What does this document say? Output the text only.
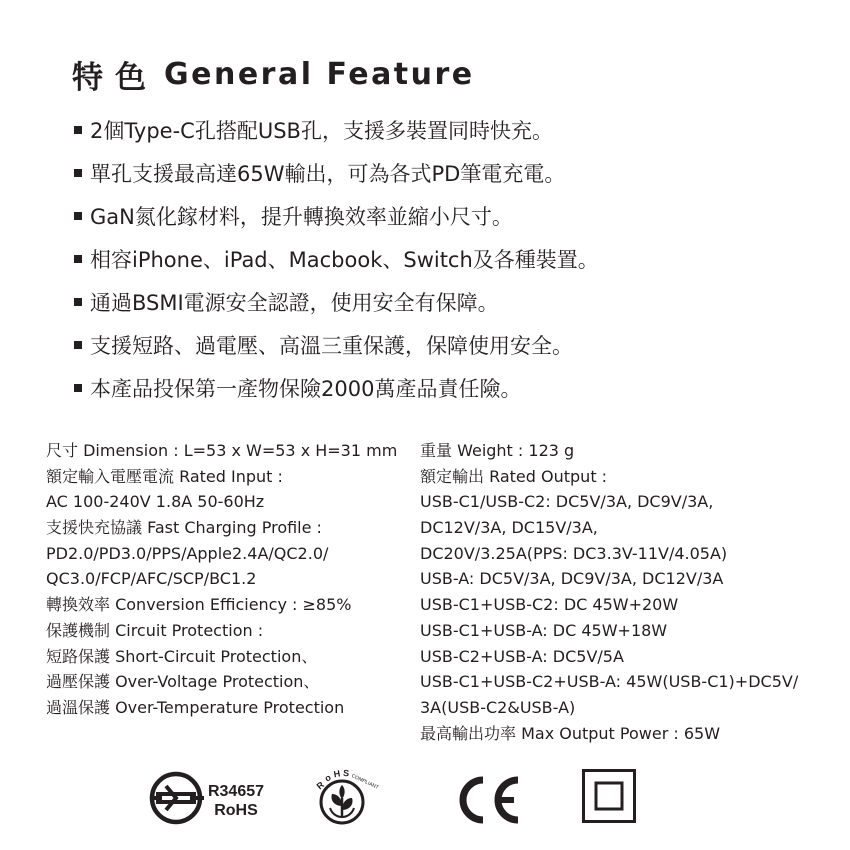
特色 General Feature
2個Type-C孔搭配USB孔，支援多裝置同時快充。
單孔支援最高達65W輸出，可為各式PD筆電充電。
GaN氮化鎵材料，提升轉換效率並縮小尺寸。
相容iPhone、iPad、Macbook、Switch及各種裝置。
通過BSMI電源安全認證，使用安全有保障。
支援短路、過電壓、高溫三重保護，保障使用安全。
本產品投保第一產物保險2000萬產品責任險。
尺寸 Dimension : L=53 x W=53 x H=31 mm
額定輸入電壓電流 Rated Input :
AC 100-240V 1.8A 50-60Hz
支援快充協議 Fast Charging Profile :
PD2.0/PD3.0/PPS/Apple2.4A/QC2.0/
QC3.0/FCP/AFC/SCP/BC1.2
轉換效率 Conversion Efficiency : ≥85%
保護機制 Circuit Protection :
短路保護 Short-Circuit Protection、
過壓保護 Over-Voltage Protection、
過溫保護 Over-Temperature Protection
重量 Weight : 123 g
額定輸出 Rated Output :
USB-C1/USB-C2: DC5V/3A, DC9V/3A,
DC12V/3A, DC15V/3A,
DC20V/3.25A(PPS: DC3.3V-11V/4.05A)
USB-A: DC5V/3A, DC9V/3A, DC12V/3A
USB-C1+USB-C2: DC 45W+20W
USB-C1+USB-A: DC 45W+18W
USB-C2+USB-A: DC5V/5A
USB-C1+USB-C2+USB-A: 45W(USB-C1)+DC5V/
3A(USB-C2&USB-A)
最高輸出功率 Max Output Power : 65W
R34657
RoHS
R
o H S
COMPLIANT
